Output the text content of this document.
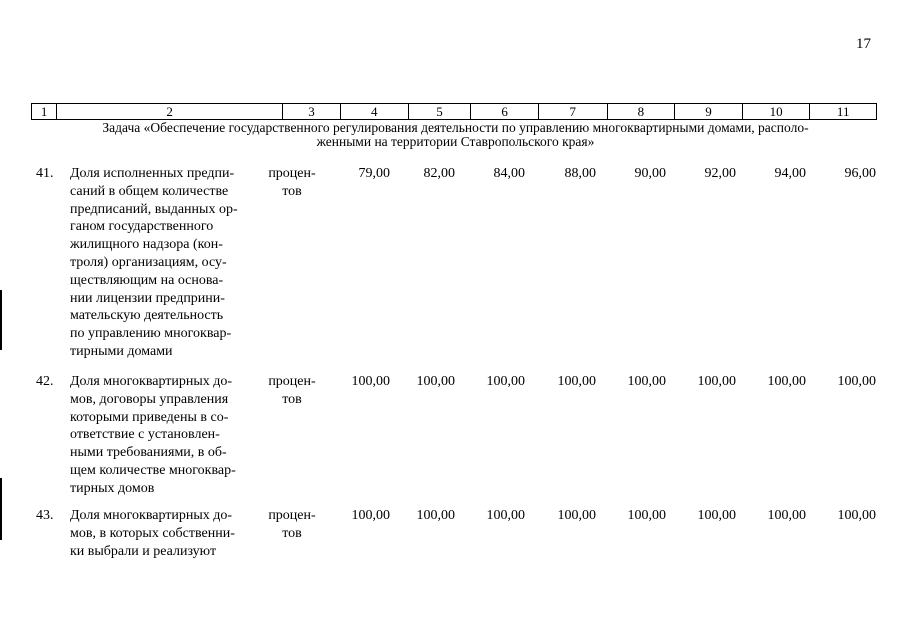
17
1	2	3	4	5	6	7	8	9	10	11
Задача «Обеспечение государственного регулирования деятельности по управлению многоквартирными домами, располо-
женными на территории Ставропольского края»
41. Доля исполненных предпи-
саний в общем количестве
предписаний, выданных ор-
ганом государственного
жилищного надзора (кон-
троля) организациям, осу-
ществляющим на основа-
нии лицензии предприни-
мательскую деятельность
по управлению многоквар-
тирными домами
процен-
тов
79,00	82,00	84,00	88,00	90,00	92,00	94,00	96,00
42. Доля многоквартирных до-
мов, договоры управления
которыми приведены в со-
ответствие с установлен-
ными требованиями, в об-
щем количестве многоквар-
тирных домов
процен-
тов
100,00	100,00	100,00	100,00	100,00	100,00	100,00	100,00
43. Доля многоквартирных до-
мов, в которых собственни-
ки выбрали и реализуют
процен-
тов
100,00	100,00	100,00	100,00	100,00	100,00	100,00	100,00
